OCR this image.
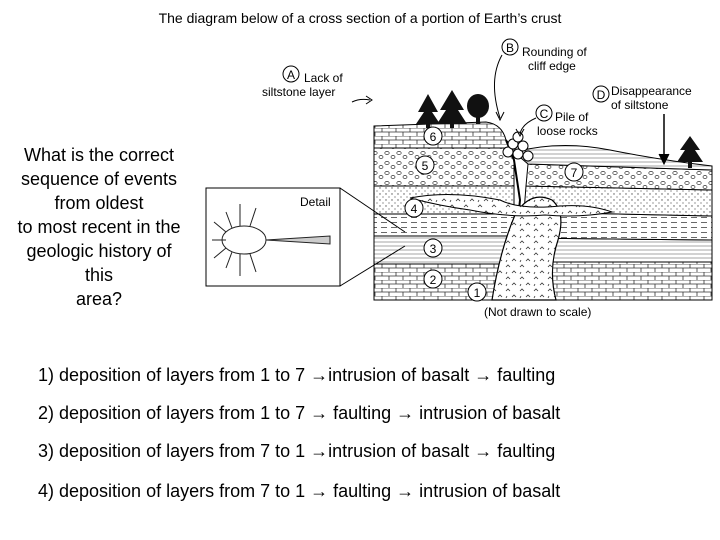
The diagram below of a cross section of a portion of Earth’s crust
What is the correct
sequence of events
from oldest
to most recent in the
geologic history of
this
area?
6
5
4
3
2
1
7
A Lack of
siltstone layer
B Rounding of
cliff edge
C Pile of
loose rocks
D Disappearance
of siltstone
Detail
(Not drawn to scale)
1) deposition of layers from 1 to 7 →intrusion of basalt → faulting
2) deposition of layers from 1 to 7 → faulting → intrusion of basalt
3) deposition of layers from 7 to 1 →intrusion of basalt → faulting
4) deposition of layers from 7 to 1 → faulting → intrusion of basalt
